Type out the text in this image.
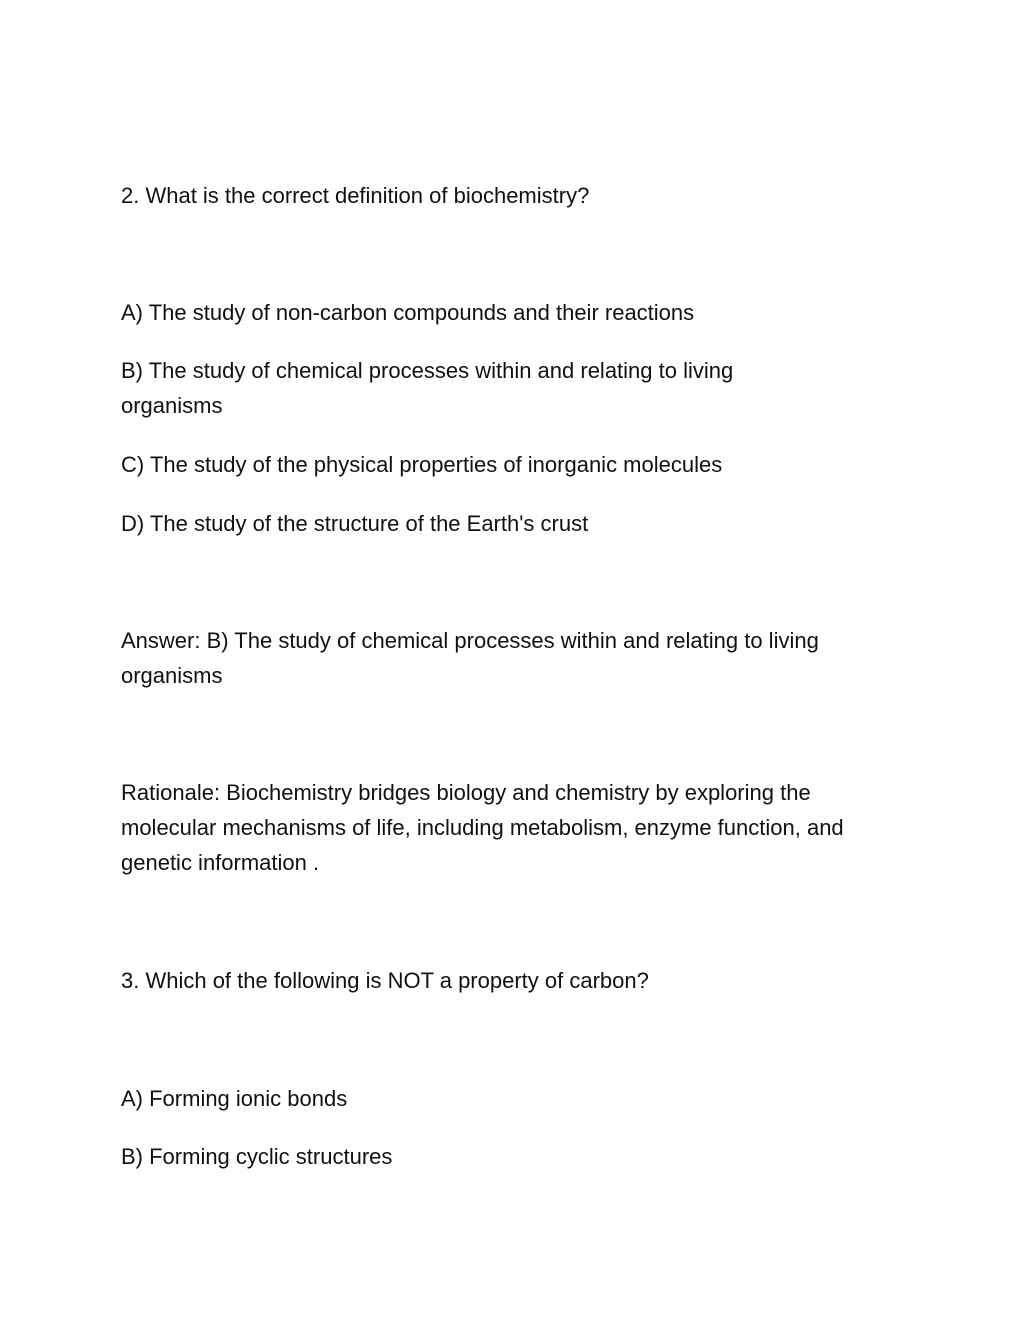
2. What is the correct definition of biochemistry?
A) The study of non-carbon compounds and their reactions
B) The study of chemical processes within and relating to living organisms
C) The study of the physical properties of inorganic molecules
D) The study of the structure of the Earth's crust
Answer: B) The study of chemical processes within and relating to living organisms
Rationale: Biochemistry bridges biology and chemistry by exploring the molecular mechanisms of life, including metabolism, enzyme function, and genetic information .
3. Which of the following is NOT a property of carbon?
A) Forming ionic bonds
B) Forming cyclic structures
